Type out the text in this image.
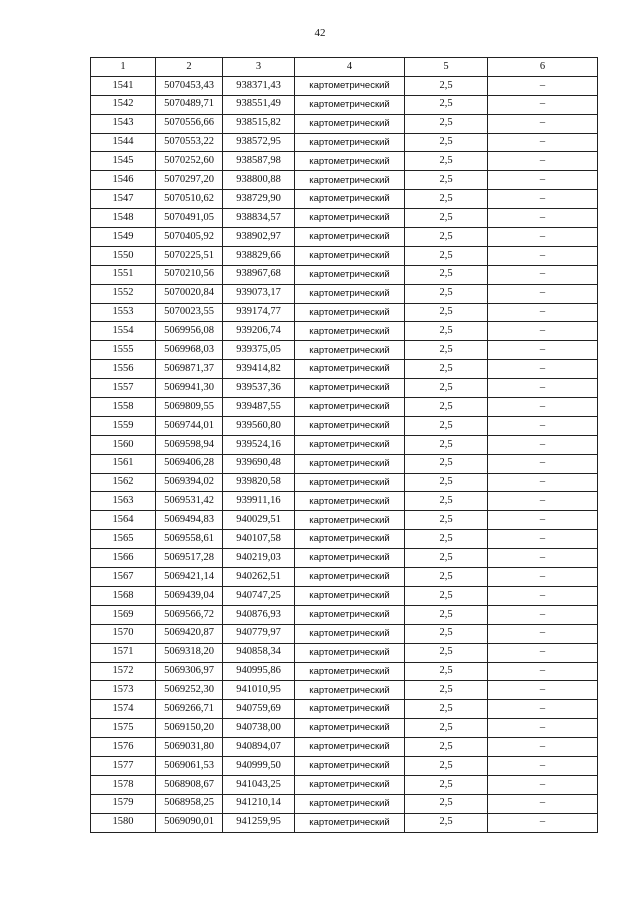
42
1	2	3	4	5	6
1541	5070453,43	938371,43	картометрический	2,5	–
1542	5070489,71	938551,49	картометрический	2,5	–
1543	5070556,66	938515,82	картометрический	2,5	–
1544	5070553,22	938572,95	картометрический	2,5	–
1545	5070252,60	938587,98	картометрический	2,5	–
1546	5070297,20	938800,88	картометрический	2,5	–
1547	5070510,62	938729,90	картометрический	2,5	–
1548	5070491,05	938834,57	картометрический	2,5	–
1549	5070405,92	938902,97	картометрический	2,5	–
1550	5070225,51	938829,66	картометрический	2,5	–
1551	5070210,56	938967,68	картометрический	2,5	–
1552	5070020,84	939073,17	картометрический	2,5	–
1553	5070023,55	939174,77	картометрический	2,5	–
1554	5069956,08	939206,74	картометрический	2,5	–
1555	5069968,03	939375,05	картометрический	2,5	–
1556	5069871,37	939414,82	картометрический	2,5	–
1557	5069941,30	939537,36	картометрический	2,5	–
1558	5069809,55	939487,55	картометрический	2,5	–
1559	5069744,01	939560,80	картометрический	2,5	–
1560	5069598,94	939524,16	картометрический	2,5	–
1561	5069406,28	939690,48	картометрический	2,5	–
1562	5069394,02	939820,58	картометрический	2,5	–
1563	5069531,42	939911,16	картометрический	2,5	–
1564	5069494,83	940029,51	картометрический	2,5	–
1565	5069558,61	940107,58	картометрический	2,5	–
1566	5069517,28	940219,03	картометрический	2,5	–
1567	5069421,14	940262,51	картометрический	2,5	–
1568	5069439,04	940747,25	картометрический	2,5	–
1569	5069566,72	940876,93	картометрический	2,5	–
1570	5069420,87	940779,97	картометрический	2,5	–
1571	5069318,20	940858,34	картометрический	2,5	–
1572	5069306,97	940995,86	картометрический	2,5	–
1573	5069252,30	941010,95	картометрический	2,5	–
1574	5069266,71	940759,69	картометрический	2,5	–
1575	5069150,20	940738,00	картометрический	2,5	–
1576	5069031,80	940894,07	картометрический	2,5	–
1577	5069061,53	940999,50	картометрический	2,5	–
1578	5068908,67	941043,25	картометрический	2,5	–
1579	5068958,25	941210,14	картометрический	2,5	–
1580	5069090,01	941259,95	картометрический	2,5	–
